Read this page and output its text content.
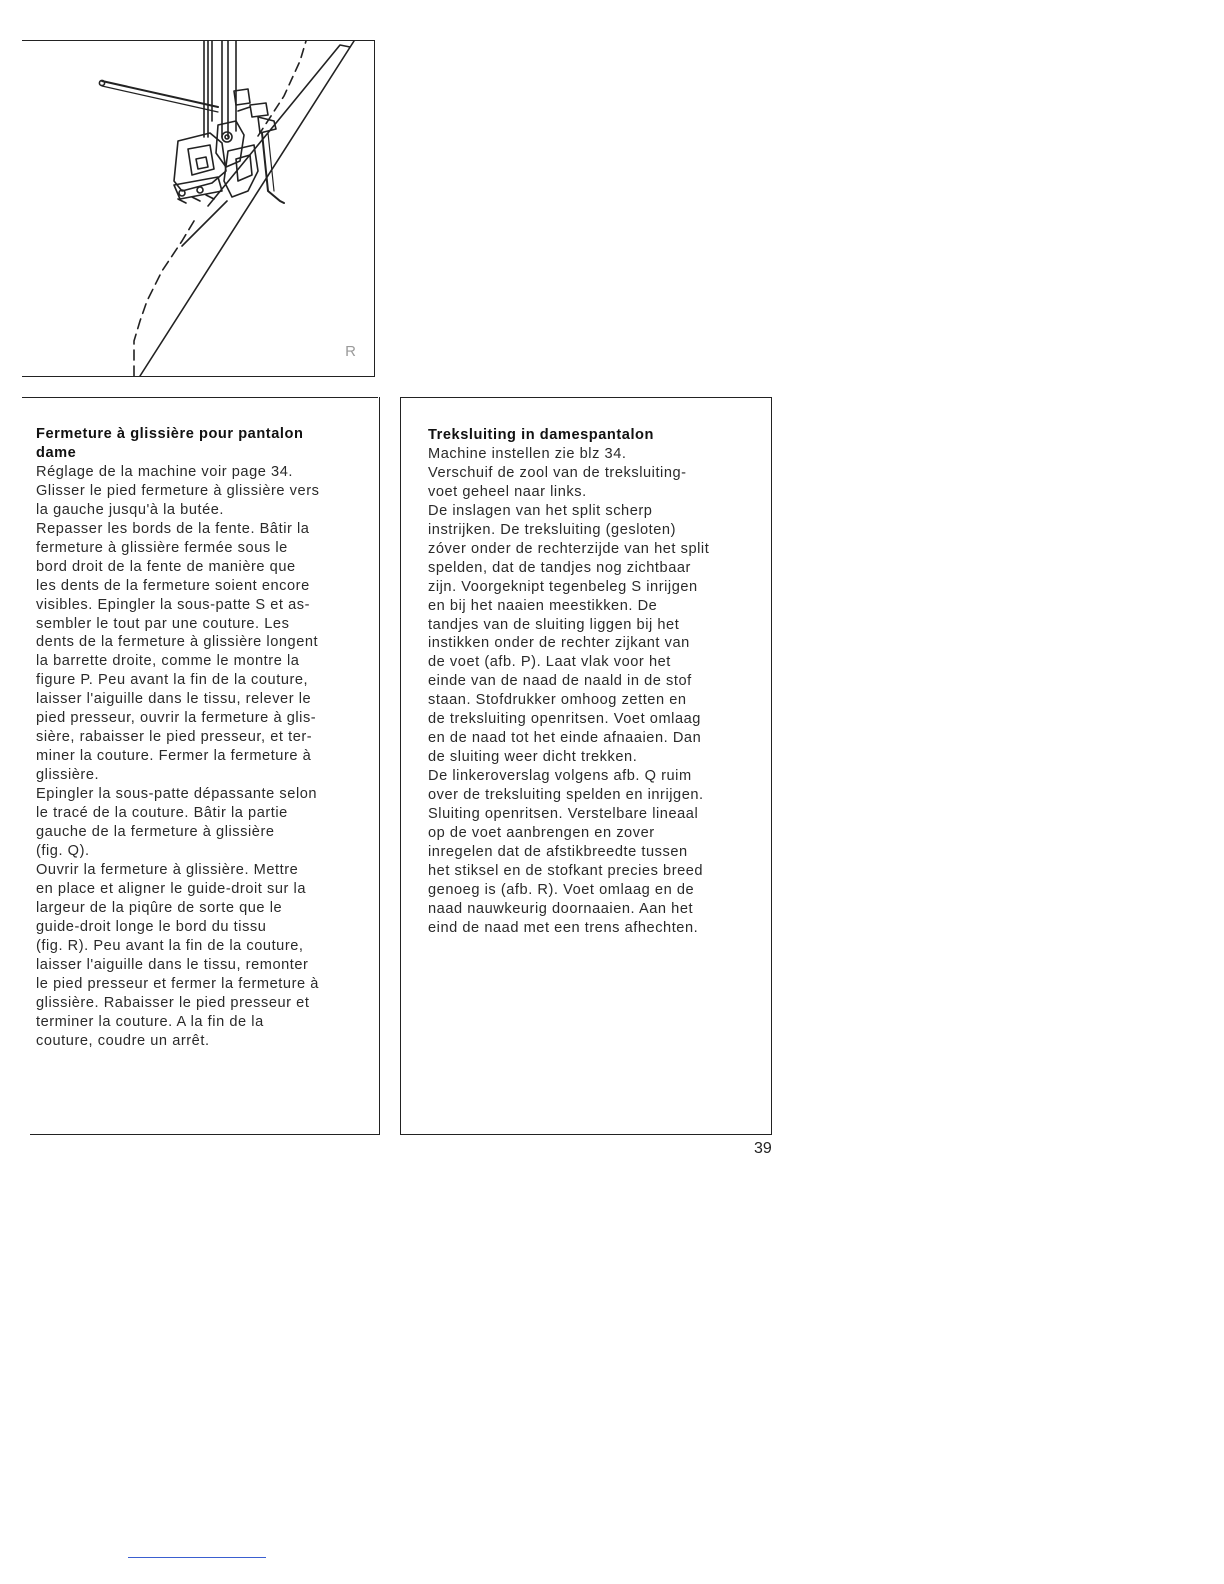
R

Fermeture à glissière pour pantalon
dame

Réglage de la machine voir page 34.

Glisser le pied fermeture à glissière vers
la gauche jusqu'à la butée.

Repasser les bords de la fente. Bâtir la
fermeture à glissière fermée sous le
bord droit de la fente de manière que
les dents de la fermeture soient encore
visibles. Epingler la sous-patte S et as-
sembler le tout par une couture. Les
dents de la fermeture à glissière longent
la barrette droite, comme le montre la
figure P. Peu avant la fin de la couture,
laisser l'aiguille dans le tissu, relever le
pied presseur, ouvrir la fermeture à glis-
sière, rabaisser le pied presseur, et ter-
miner la couture. Fermer la fermeture à
glissière.

Epingler la sous-patte dépassante selon
le tracé de la couture. Bâtir la partie
gauche de la fermeture à glissière
(fig. Q).

Ouvrir la fermeture à glissière. Mettre
en place et aligner le guide-droit sur la
largeur de la piqûre de sorte que le
guide-droit longe le bord du tissu
(fig. R). Peu avant la fin de la couture,
laisser l'aiguille dans le tissu, remonter
le pied presseur et fermer la fermeture à
glissière. Rabaisser le pied presseur et
terminer la couture. A la fin de la
couture, coudre un arrêt.

Treksluiting in damespantalon

Machine instellen zie blz 34.

Verschuif de zool van de treksluiting-
voet geheel naar links.

De inslagen van het split scherp
instrijken. De treksluiting (gesloten)
zóver onder de rechterzijde van het split
spelden, dat de tandjes nog zichtbaar
zijn. Voorgeknipt tegenbeleg S inrijgen
en bij het naaien meestikken. De
tandjes van de sluiting liggen bij het
instikken onder de rechter zijkant van
de voet (afb. P). Laat vlak voor het
einde van de naad de naald in de stof
staan. Stofdrukker omhoog zetten en
de treksluiting openritsen. Voet omlaag
en de naad tot het einde afnaaien. Dan
de sluiting weer dicht trekken.

De linkeroverslag volgens afb. Q ruim
over de treksluiting spelden en inrijgen.
Sluiting openritsen. Verstelbare lineaal
op de voet aanbrengen en zover
inregelen dat de afstikbreedte tussen
het stiksel en de stofkant precies breed
genoeg is (afb. R). Voet omlaag en de
naad nauwkeurig doornaaien. Aan het
eind de naad met een trens afhechten.

39
